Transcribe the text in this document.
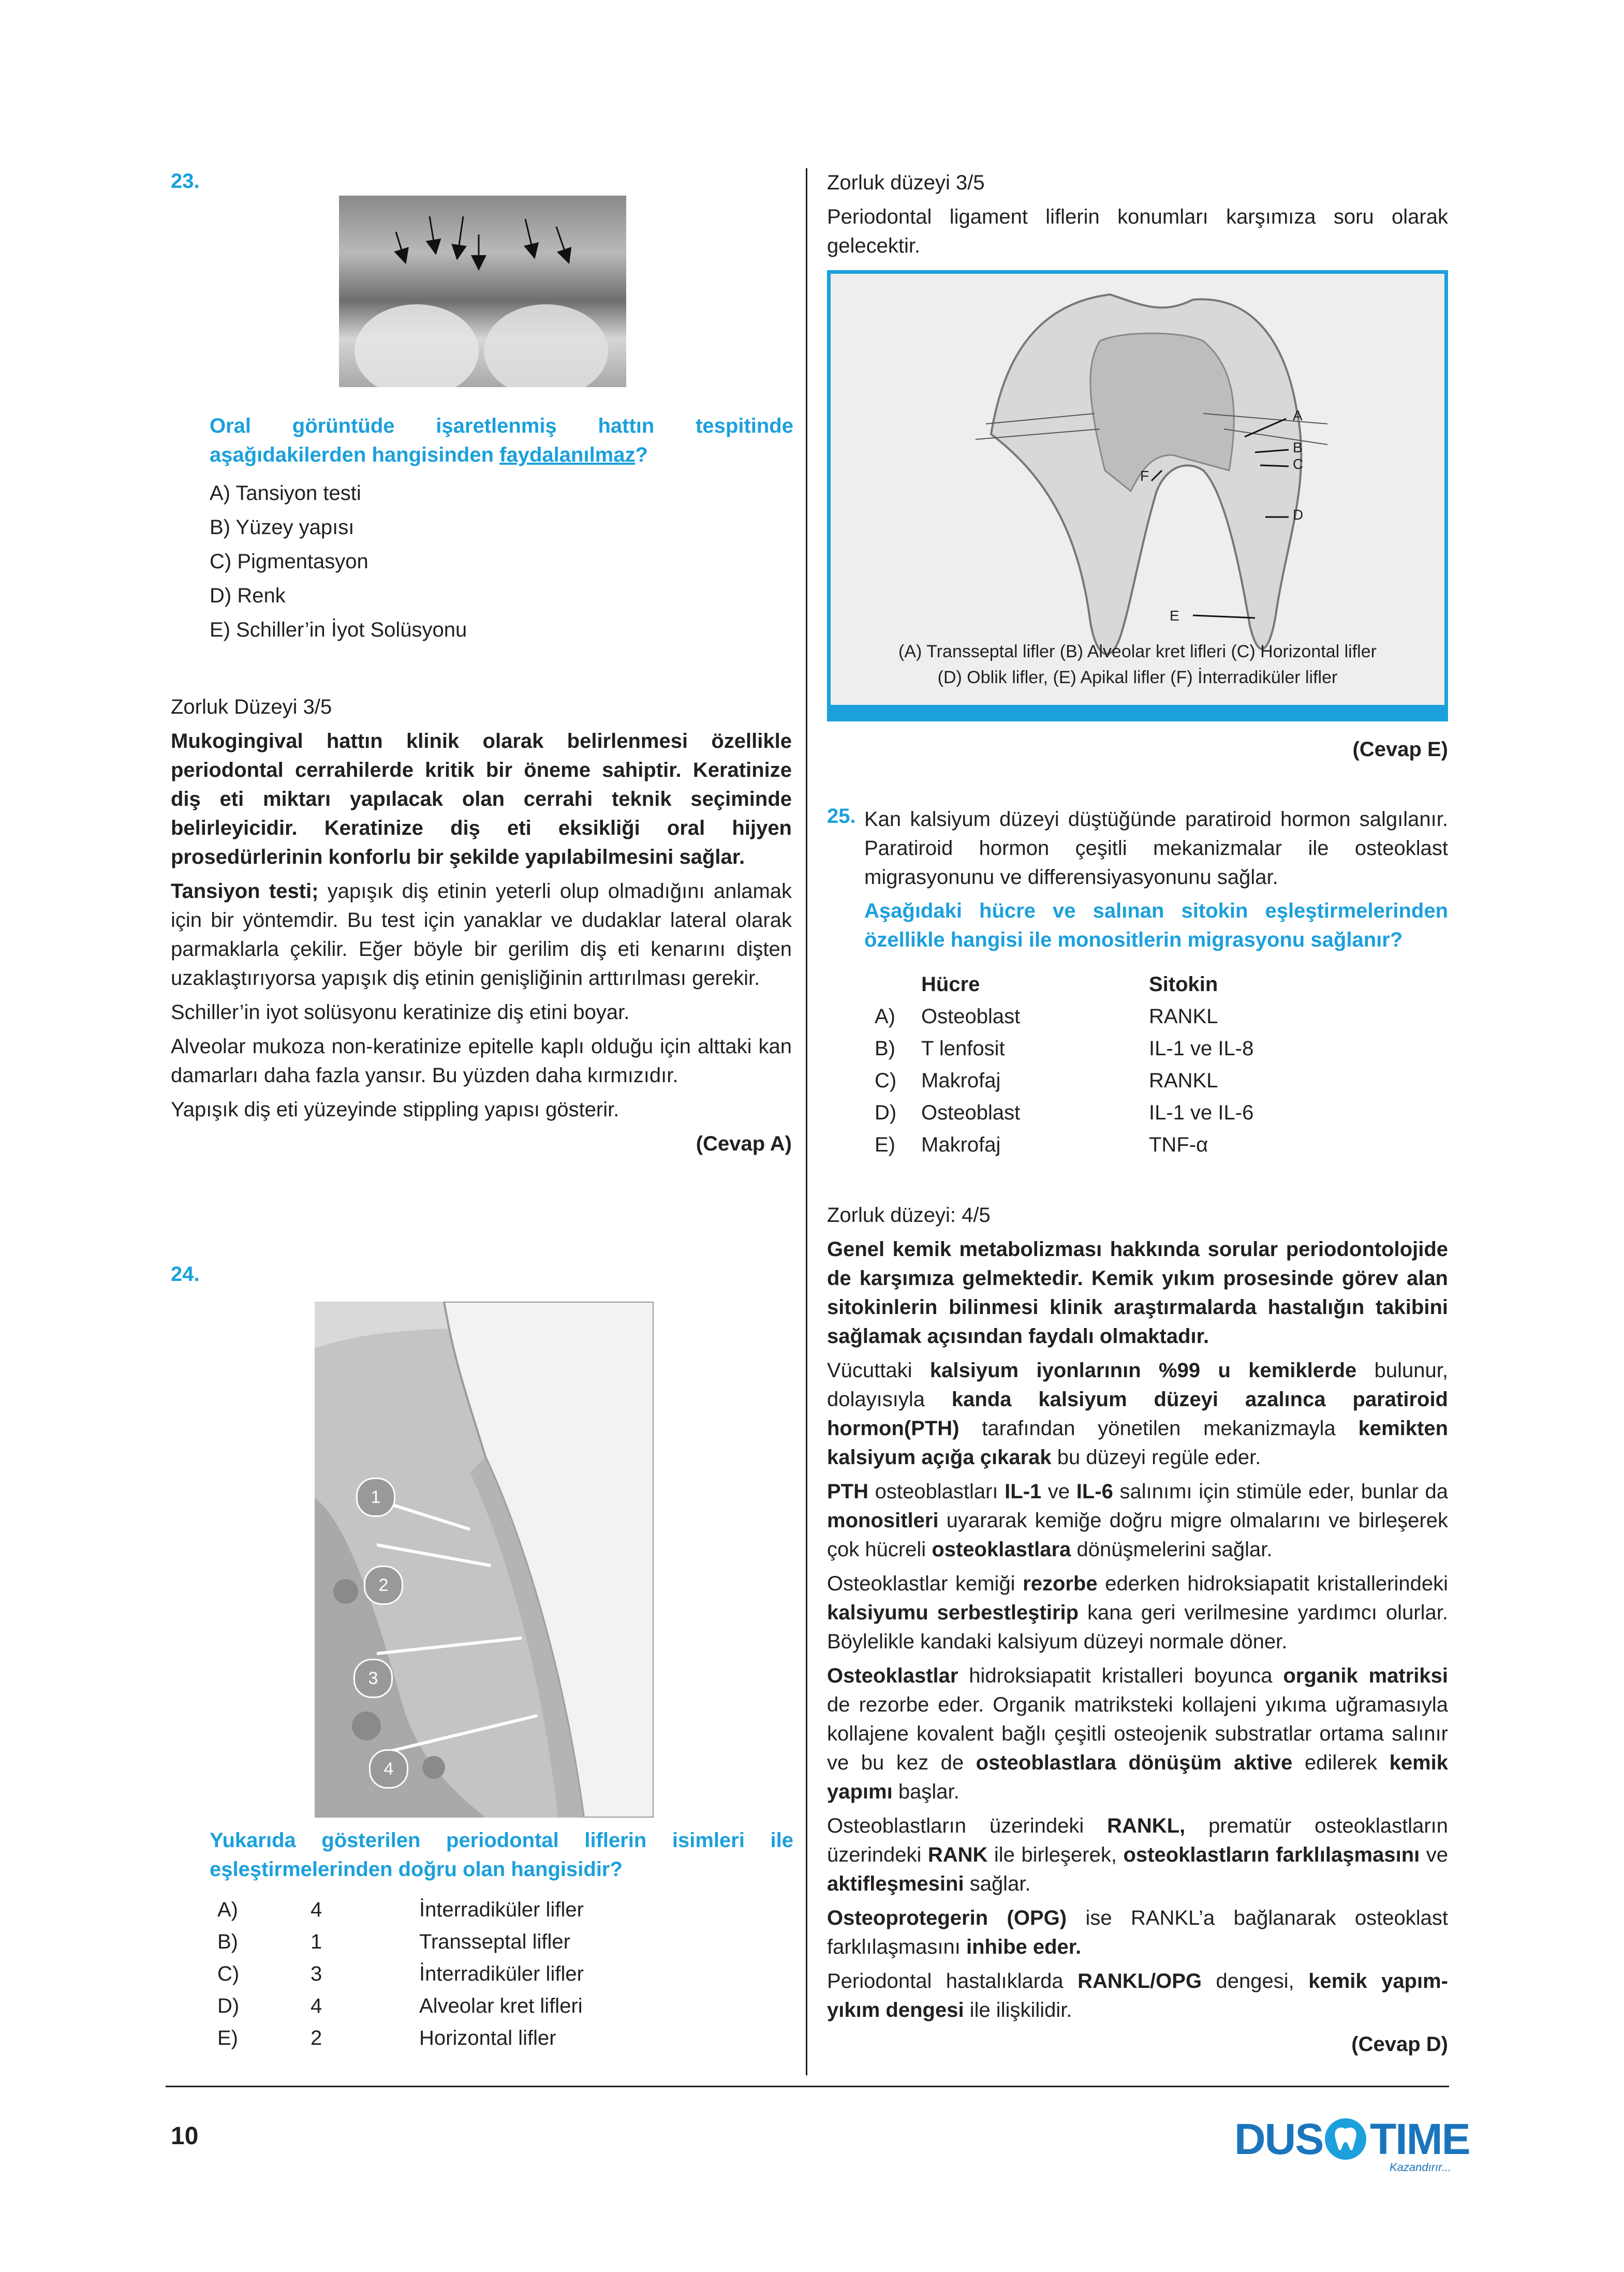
23.
Oral görüntüde işaretlenmiş hattın tespitinde aşağıdakilerden hangisinden faydalanılmaz?

A) Tansiyon testi

B) Yüzey yapısı

C) Pigmentasyon

D) Renk

E) Schiller’in İyot Solüsyonu

Zorluk Düzeyi 3/5

Mukogingival hattın klinik olarak belirlenmesi özellikle periodontal cerrahilerde kritik bir öneme sahiptir. Keratinize diş eti miktarı yapılacak olan cerrahi teknik seçiminde belirleyicidir. Keratinize diş eti eksikliği oral hijyen prosedürlerinin konforlu bir şekilde yapılabilmesini sağlar.

Tansiyon testi; yapışık diş etinin yeterli olup olmadığını anlamak için bir yöntemdir. Bu test için yanaklar ve dudaklar lateral olarak parmaklarla çekilir. Eğer böyle bir gerilim diş eti kenarını dişten uzaklaştırıyorsa yapışık diş etinin genişliğinin arttırılması gerekir.

Schiller’in iyot solüsyonu keratinize diş etini boyar.

Alveolar mukoza non-keratinize epitelle kaplı olduğu için alttaki kan damarları daha fazla yansır. Bu yüzden daha kırmızıdır.

Yapışık diş eti yüzeyinde stippling yapısı gösterir.

(Cevap A)

24.
1
2
3
4
Yukarıda gösterilen periodontal liflerin isimleri ile eşleştirmelerinden doğru olan hangisidir?
A)	4	İnterradiküler lifler
B)	1	Transseptal lifler
C)	3	İnterradiküler lifler
D)	4	Alveolar kret lifleri
E)	2	Horizontal lifler

Zorluk düzeyi 3/5

Periodontal ligament liflerin konumları karşımıza soru olarak gelecektir.

A
B
C
D
E
F
(A) Transseptal lifler (B) Alveolar kret lifleri (C) Horizontal lifler
(D) Oblik lifler, (E) Apikal lifler (F) İnterradiküler lifler
(Cevap E)
25. Kan kalsiyum düzeyi düştüğünde paratiroid hormon salgılanır. Paratiroid hormon çeşitli mekanizmalar ile osteoklast migrasyonunu ve differensiyasyonunu sağlar.
Aşağıdaki hücre ve salınan sitokin eşleştirmelerinden özellikle hangisi ile monositlerin migrasyonu sağlanır?
	Hücre	Sitokin
A)	Osteoblast	RANKL
B)	T lenfosit	IL-1 ve IL-8
C)	Makrofaj	RANKL
D)	Osteoblast	IL-1 ve IL-6
E)	Makrofaj	TNF-α

Zorluk düzeyi: 4/5

Genel kemik metabolizması hakkında sorular periodontolojide de karşımıza gelmektedir. Kemik yıkım prosesinde görev alan sitokinlerin bilinmesi klinik araştırmalarda hastalığın takibini sağlamak açısından faydalı olmaktadır.

Vücuttaki kalsiyum iyonlarının %99 u kemiklerde bulunur, dolayısıyla kanda kalsiyum düzeyi azalınca paratiroid hormon(PTH) tarafından yönetilen mekanizmayla kemikten kalsiyum açığa çıkarak bu düzeyi regüle eder.

PTH osteoblastları IL-1 ve IL-6 salınımı için stimüle eder, bunlar da monositleri uyararak kemiğe doğru migre olmalarını ve birleşerek çok hücreli osteoklastlara dönüşmelerini sağlar.

Osteoklastlar kemiği rezorbe ederken hidroksiapatit kristallerindeki kalsiyumu serbestleştirip kana geri verilmesine yardımcı olurlar. Böylelikle kandaki kalsiyum düzeyi normale döner.

Osteoklastlar hidroksiapatit kristalleri boyunca organik matriksi de rezorbe eder. Organik matriksteki kollajeni yıkıma uğramasıyla kollajene kovalent bağlı çeşitli osteojenik substratlar ortama salınır ve bu kez de osteoblastlara dönüşüm aktive edilerek kemik yapımı başlar.

Osteoblastların üzerindeki RANKL, prematür osteoklastların üzerindeki RANK ile birleşerek, osteoklastların farklılaşmasını ve aktifleşmesini sağlar.

Osteoprotegerin (OPG) ise RANKL’a bağlanarak osteoklast farklılaşmasını inhibe eder.

Periodontal hastalıklarda RANKL/OPG dengesi, kemik yapım-yıkım dengesi ile ilişkilidir.

(Cevap D)

10	DUS TIME
Kazandırır...
